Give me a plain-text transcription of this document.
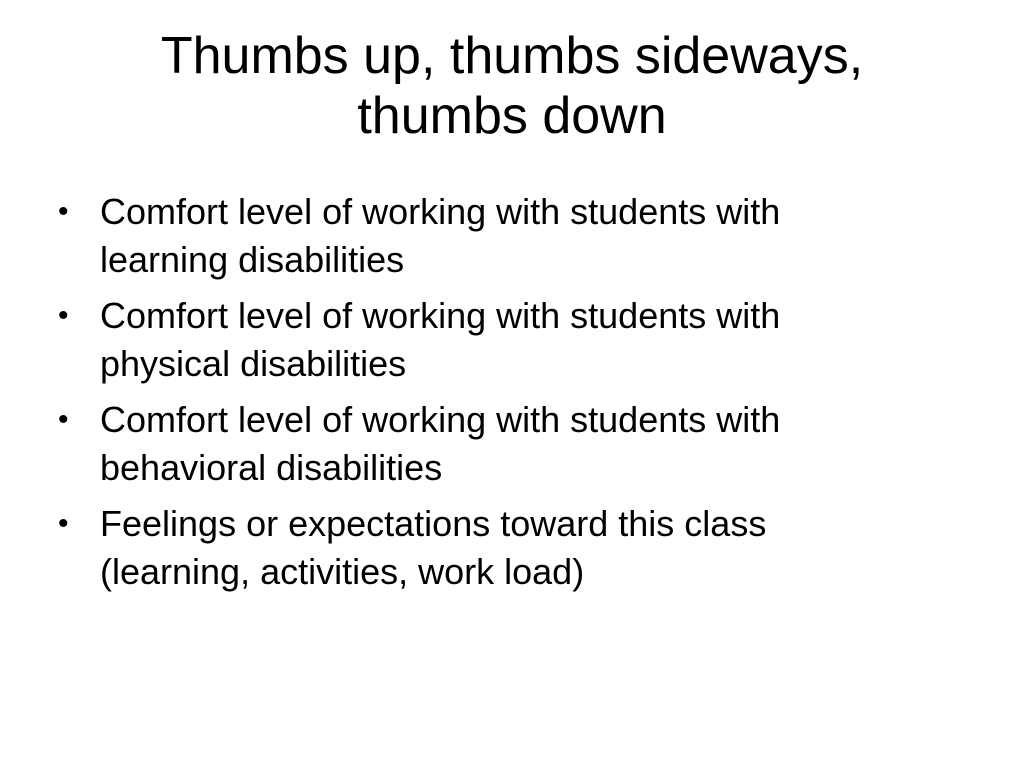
Thumbs up, thumbs sideways,
thumbs down
• Comfort level of working with students with
learning disabilities
• Comfort level of working with students with
physical disabilities
• Comfort level of working with students with
behavioral disabilities
• Feelings or expectations toward this class
(learning, activities, work load)
